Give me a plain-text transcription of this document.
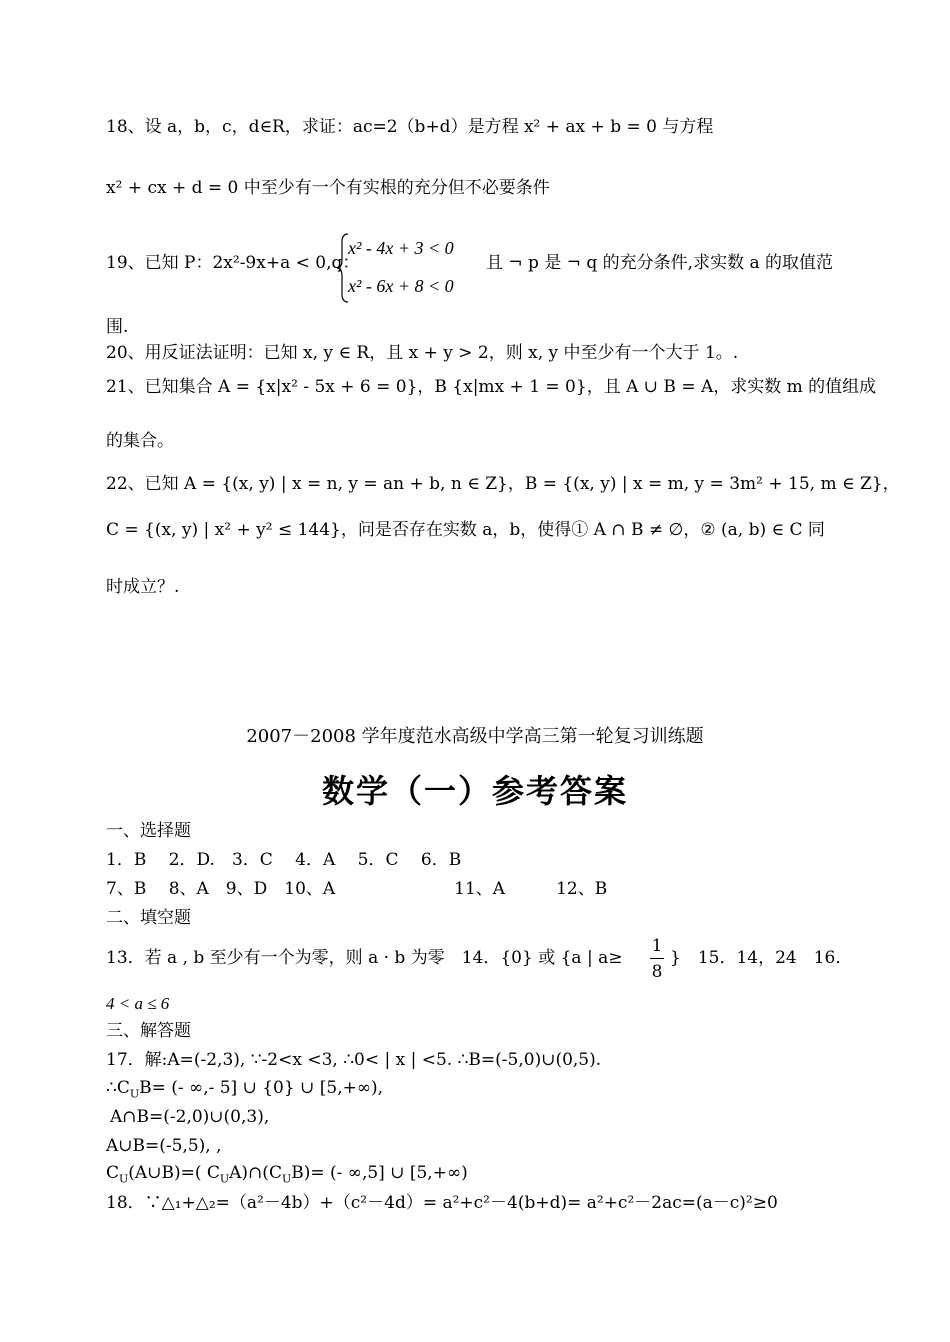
18、设 a，b，c，d∈R，求证：ac=2（b+d）是方程 x² + ax + b = 0 与方程
x² + cx + d = 0 中至少有一个有实根的充分但不必要条件
19、已知 P：2x²-9x+a < 0,q：
x² - 4x + 3 < 0
x² - 6x + 8 < 0
且 ¬ p 是 ¬ q 的充分条件,求实数 a 的取值范
围.
20、用反证法证明：已知 x, y ∈ R，且 x + y > 2，则 x, y 中至少有一个大于 1。.
21、已知集合 A = {x|x² - 5x + 6 = 0}，B {x|mx + 1 = 0}，且 A ∪ B = A，求实数 m 的值组成
的集合。
22、已知 A = {(x, y) | x = n, y = an + b, n ∈ Z}，B = {(x, y) | x = m, y = 3m² + 15, m ∈ Z}，
C = {(x, y) | x² + y² ≤ 144}，问是否存在实数 a，b，使得① A ∩ B ≠ ∅，② (a, b) ∈ C 同
时成立？.
2007－2008 学年度范水高级中学高三第一轮复习训练题
数学（一）参考答案
一、选择题
1．B　 2．D.　3．C　 4．A　 5．C　 6．B
7、B　 8、A　9、D　10、A　　　　　　　11、A　　　12、B
二、填空题
13．若 a , b 至少有一个为零，则 a · b 为零　14．{0} 或 {a | a≥
1
8
}　15．14，24　16．
4 < a ≤ 6
三、解答题
17．解:A=(-2,3), ∵-2<x <3, ∴0< | x | <5. ∴B=(-5,0)∪(0,5).
$\therefore C_UB=$ (- ∞,- 5] ∪ {0} ∪ [5,+∞),
A∩B=(-2,0)∪(0,3),
A∪B=(-5,5), ,
$C_U(A\cup B)=$( $C_UA)\cap(C_UB)=$ (- ∞,5] ∪ [5,+∞)
18．∵△₁+△₂=（a²－4b）+（c²－4d）= a²+c²－4(b+d)= a²+c²－2ac=(a－c)²≥0
